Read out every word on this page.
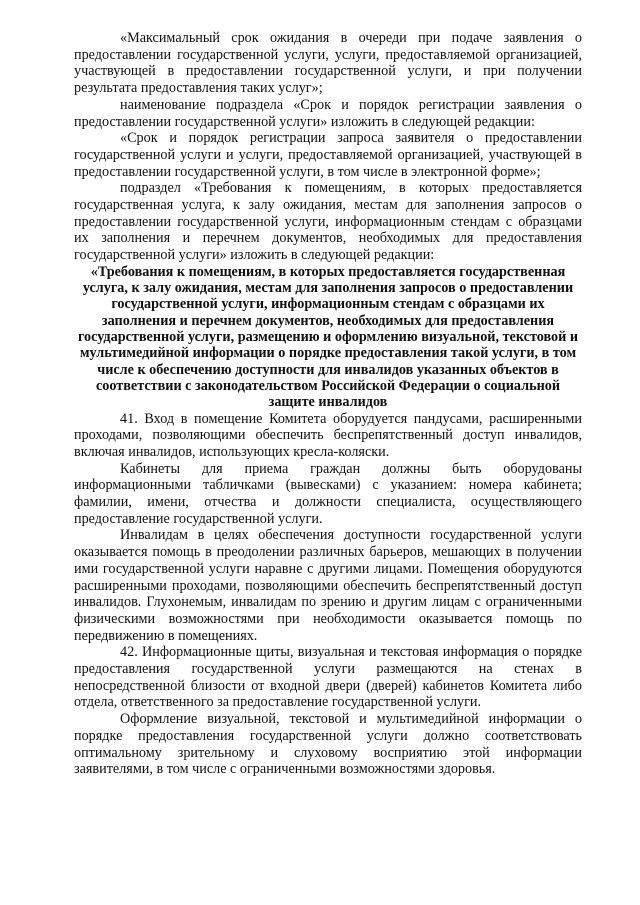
«Максимальный срок ожидания в очереди при подаче заявления о предоставлении государственной услуги, услуги, предоставляемой организацией, участвующей в предоставлении государственной услуги, и при получении результата предоставления таких услуг»;

наименование подраздела «Срок и порядок регистрации заявления о предоставлении государственной услуги» изложить в следующей редакции:

«Срок и порядок регистрации запроса заявителя о предоставлении государственной услуги и услуги, предоставляемой организацией, участвующей в предоставлении государственной услуги, в том числе в электронной форме»;

подраздел «Требования к помещениям, в которых предоставляется государственная услуга, к залу ожидания, местам для заполнения запросов о предоставлении государственной услуги, информационным стендам с образцами их заполнения и перечнем документов, необходимых для предоставления государственной услуги» изложить в следующей редакции:

«Требования к помещениям, в которых предоставляется государственная услуга, к залу ожидания, местам для заполнения запросов о предоставлении государственной услуги, информационным стендам с образцами их заполнения и перечнем документов, необходимых для предоставления государственной услуги, размещению и оформлению визуальной, текстовой и мультимедийной информации о порядке предоставления такой услуги, в том числе к обеспечению доступности для инвалидов указанных объектов в соответствии с законодательством Российской Федерации о социальной защите инвалидов

41. Вход в помещение Комитета оборудуется пандусами, расширенными проходами, позволяющими обеспечить беспрепятственный доступ инвалидов, включая инвалидов, использующих кресла-коляски.

Кабинеты для приема граждан должны быть оборудованы информационными табличками (вывесками) с указанием: номера кабинета; фамилии, имени, отчества и должности специалиста, осуществляющего предоставление государственной услуги.

Инвалидам в целях обеспечения доступности государственной услуги оказывается помощь в преодолении различных барьеров, мешающих в получении ими государственной услуги наравне с другими лицами. Помещения оборудуются расширенными проходами, позволяющими обеспечить беспрепятственный доступ инвалидов. Глухонемым, инвалидам по зрению и другим лицам с ограниченными физическими возможностями при необходимости оказывается помощь по передвижению в помещениях.

42. Информационные щиты, визуальная и текстовая информация о порядке предоставления государственной услуги размещаются на стенах в непосредственной близости от входной двери (дверей) кабинетов Комитета либо отдела, ответственного за предоставление государственной услуги.

Оформление визуальной, текстовой и мультимедийной информации о порядке предоставления государственной услуги должно соответствовать оптимальному зрительному и слуховому восприятию этой информации заявителями, в том числе с ограниченными возможностями здоровья.
